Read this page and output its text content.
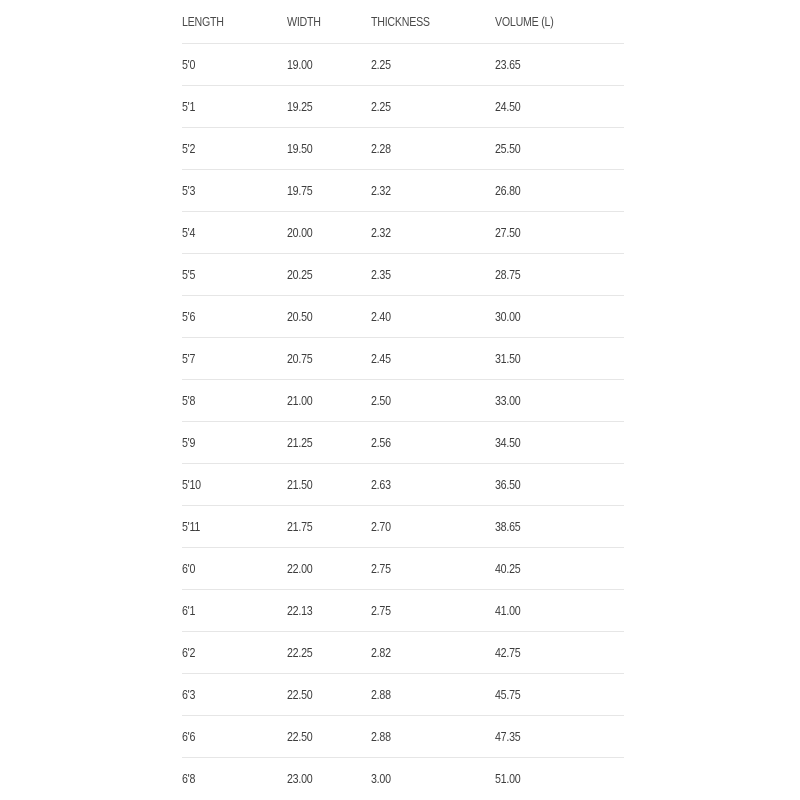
LENGTH	WIDTH	THICKNESS	VOLUME (L)
5'0	19.00	2.25	23.65
5'1	19.25	2.25	24.50
5'2	19.50	2.28	25.50
5'3	19.75	2.32	26.80
5'4	20.00	2.32	27.50
5'5	20.25	2.35	28.75
5'6	20.50	2.40	30.00
5'7	20.75	2.45	31.50
5'8	21.00	2.50	33.00
5'9	21.25	2.56	34.50
5'10	21.50	2.63	36.50
5'11	21.75	2.70	38.65
6'0	22.00	2.75	40.25
6'1	22.13	2.75	41.00
6'2	22.25	2.82	42.75
6'3	22.50	2.88	45.75
6'6	22.50	2.88	47.35
6'8	23.00	3.00	51.00
